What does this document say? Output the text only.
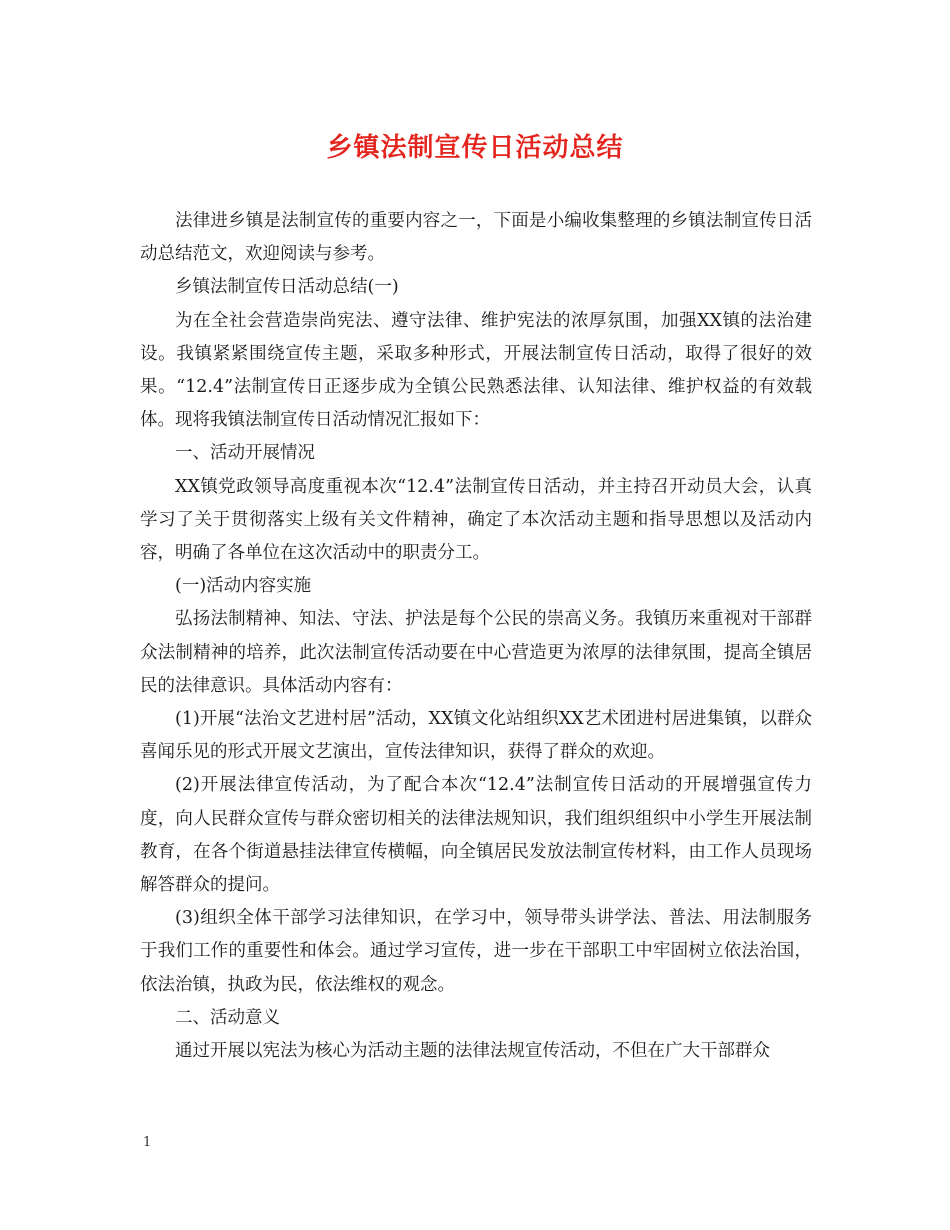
乡镇法制宣传日活动总结

法律进乡镇是法制宣传的重要内容之一，下面是小编收集整理的乡镇法制宣传日活动总结范文，欢迎阅读与参考。

乡镇法制宣传日活动总结(一)

为在全社会营造崇尚宪法、遵守法律、维护宪法的浓厚氛围，加强XX镇的法治建设。我镇紧紧围绕宣传主题，采取多种形式，开展法制宣传日活动，取得了很好的效果。“12.4”法制宣传日正逐步成为全镇公民熟悉法律、认知法律、维护权益的有效载体。现将我镇法制宣传日活动情况汇报如下：

一、活动开展情况

XX镇党政领导高度重视本次“12.4”法制宣传日活动，并主持召开动员大会，认真学习了关于贯彻落实上级有关文件精神，确定了本次活动主题和指导思想以及活动内容，明确了各单位在这次活动中的职责分工。

(一)活动内容实施

弘扬法制精神、知法、守法、护法是每个公民的崇高义务。我镇历来重视对干部群众法制精神的培养，此次法制宣传活动要在中心营造更为浓厚的法律氛围，提高全镇居民的法律意识。具体活动内容有：

(1)开展“法治文艺进村居”活动，XX镇文化站组织XX艺术团进村居进集镇，以群众喜闻乐见的形式开展文艺演出，宣传法律知识，获得了群众的欢迎。

(2)开展法律宣传活动，为了配合本次“12.4”法制宣传日活动的开展增强宣传力度，向人民群众宣传与群众密切相关的法律法规知识，我们组织组织中小学生开展法制教育，在各个街道悬挂法律宣传横幅，向全镇居民发放法制宣传材料，由工作人员现场解答群众的提问。

(3)组织全体干部学习法律知识，在学习中，领导带头讲学法、普法、用法制服务于我们工作的重要性和体会。通过学习宣传，进一步在干部职工中牢固树立依法治国，依法治镇，执政为民，依法维权的观念。

二、活动意义

通过开展以宪法为核心为活动主题的法律法规宣传活动，不但在广大干部群众

1
